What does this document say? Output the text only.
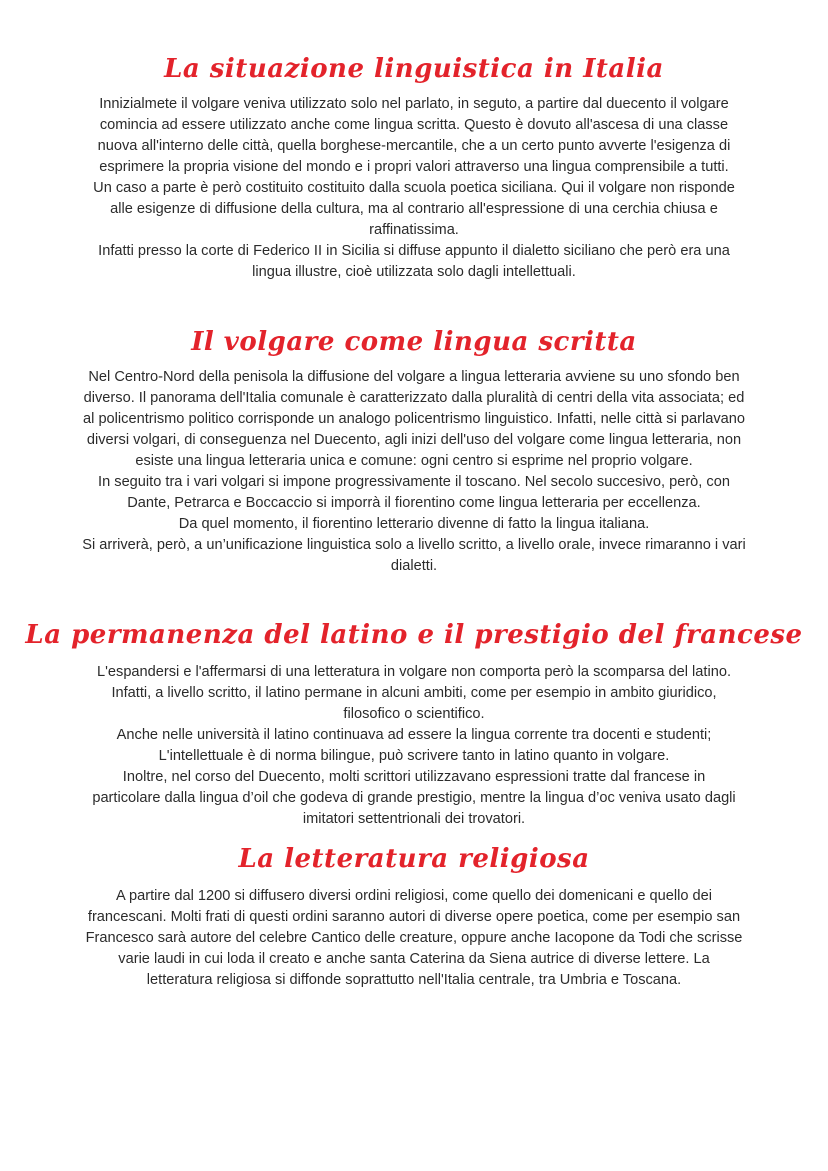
La situazione linguistica in Italia

Innizialmete il volgare veniva utilizzato solo nel parlato, in seguto, a partire dal duecento il volgare comincia ad essere utilizzato anche come lingua scritta. Questo è dovuto all'ascesa di una classe nuova all'interno delle città, quella borghese-mercantile, che a un certo punto avverte l'esigenza di esprimere la propria visione del mondo e i propri valori attraverso una lingua comprensibile a tutti.

Un caso a parte è però costituito costituito dalla scuola poetica siciliana. Qui il volgare non risponde alle esigenze di diffusione della cultura, ma al contrario all'espressione di una cerchia chiusa e raffinatissima.

Infatti presso la corte di Federico II in Sicilia si diffuse appunto il dialetto siciliano che però era una lingua illustre, cioè utilizzata solo dagli intellettuali.

Il volgare come lingua scritta

Nel Centro-Nord della penisola la diffusione del volgare a lingua letteraria avviene su uno sfondo ben diverso. Il panorama dell'Italia comunale è caratterizzato dalla pluralità di centri della vita associata; ed al policentrismo politico corrisponde un analogo policentrismo linguistico. Infatti, nelle città si parlavano diversi volgari, di conseguenza nel Duecento, agli inizi dell'uso del volgare come lingua letteraria, non esiste una lingua letteraria unica e comune: ogni centro si esprime nel proprio volgare.

In seguito tra i vari volgari si impone progressivamente il toscano. Nel secolo succesivo, però, con Dante, Petrarca e Boccaccio si imporrà il fiorentino come lingua letteraria per eccellenza.

Da quel momento, il fiorentino letterario divenne di fatto la lingua italiana.

Si arriverà, però, a un’unificazione linguistica solo a livello scritto, a livello orale, invece rimaranno i vari dialetti.

La permanenza del latino e il prestigio del francese

L'espandersi e l'affermarsi di una letteratura in volgare non comporta però la scomparsa del latino. Infatti, a livello scritto, il latino permane in alcuni ambiti, come per esempio in ambito giuridico, filosofico o scientifico.

Anche nelle università il latino continuava ad essere la lingua corrente tra docenti e studenti; L'intellettuale è di norma bilingue, può scrivere tanto in latino quanto in volgare.

Inoltre, nel corso del Duecento, molti scrittori utilizzavano espressioni tratte dal francese in particolare dalla lingua d’oil che godeva di grande prestigio, mentre la lingua d’oc veniva usato dagli imitatori settentrionali dei trovatori.

La letteratura religiosa

A partire dal 1200 si diffusero diversi ordini religiosi, come quello dei domenicani e quello dei francescani. Molti frati di questi ordini saranno autori di diverse opere poetica, come per esempio san Francesco sarà autore del celebre Cantico delle creature, oppure anche Iacopone da Todi che scrisse varie laudi in cui loda il creato e anche santa Caterina da Siena autrice di diverse lettere. La letteratura religiosa si diffonde soprattutto nell'Italia centrale, tra Umbria e Toscana.
